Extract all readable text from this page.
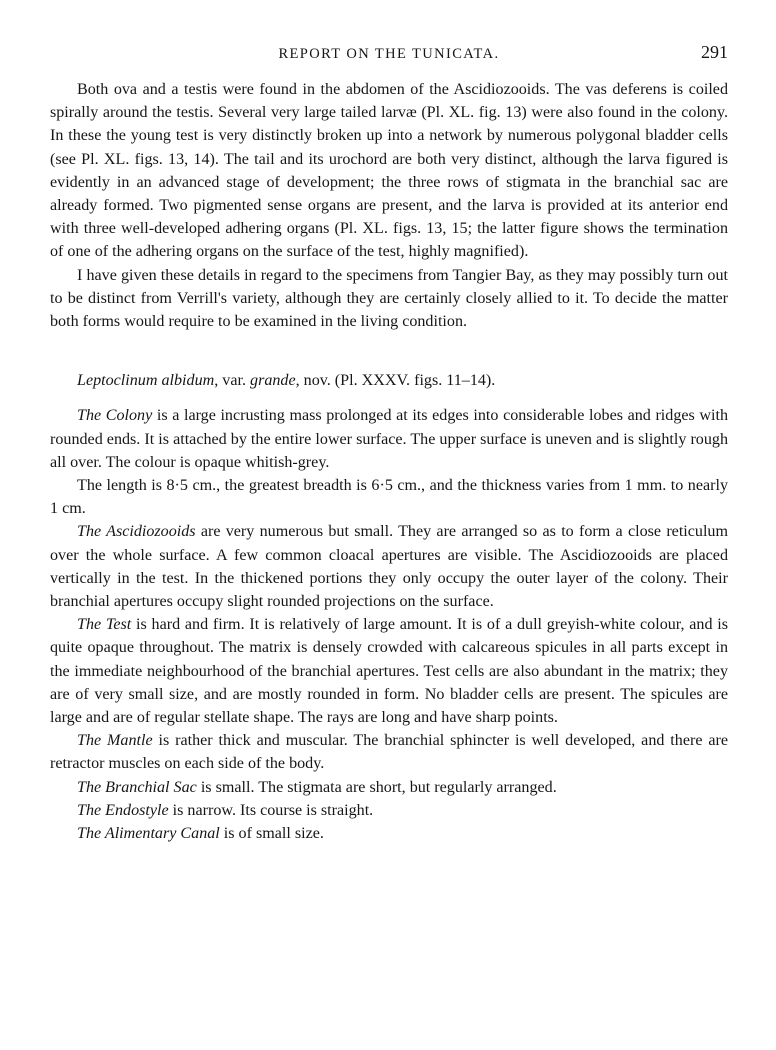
REPORT ON THE TUNICATA.	291

Both ova and a testis were found in the abdomen of the Ascidiozooids. The vas deferens is coiled spirally around the testis. Several very large tailed larvæ (Pl. XL. fig. 13) were also found in the colony. In these the young test is very distinctly broken up into a network by numerous polygonal bladder cells (see Pl. XL. figs. 13, 14). The tail and its urochord are both very distinct, although the larva figured is evidently in an advanced stage of development; the three rows of stigmata in the branchial sac are already formed. Two pigmented sense organs are present, and the larva is provided at its anterior end with three well-developed adhering organs (Pl. XL. figs. 13, 15; the latter figure shows the termination of one of the adhering organs on the surface of the test, highly magnified).

I have given these details in regard to the specimens from Tangier Bay, as they may possibly turn out to be distinct from Verrill's variety, although they are certainly closely allied to it. To decide the matter both forms would require to be examined in the living condition.

Leptoclinum albidum, var. grande, nov. (Pl. XXXV. figs. 11–14).

The Colony is a large incrusting mass prolonged at its edges into considerable lobes and ridges with rounded ends. It is attached by the entire lower surface. The upper surface is uneven and is slightly rough all over. The colour is opaque whitish-grey.

The length is 8·5 cm., the greatest breadth is 6·5 cm., and the thickness varies from 1 mm. to nearly 1 cm.

The Ascidiozooids are very numerous but small. They are arranged so as to form a close reticulum over the whole surface. A few common cloacal apertures are visible. The Ascidiozooids are placed vertically in the test. In the thickened portions they only occupy the outer layer of the colony. Their branchial apertures occupy slight rounded projections on the surface.

The Test is hard and firm. It is relatively of large amount. It is of a dull greyish-white colour, and is quite opaque throughout. The matrix is densely crowded with calcareous spicules in all parts except in the immediate neighbourhood of the branchial apertures. Test cells are also abundant in the matrix; they are of very small size, and are mostly rounded in form. No bladder cells are present. The spicules are large and are of regular stellate shape. The rays are long and have sharp points.

The Mantle is rather thick and muscular. The branchial sphincter is well developed, and there are retractor muscles on each side of the body.

The Branchial Sac is small. The stigmata are short, but regularly arranged.

The Endostyle is narrow. Its course is straight.

The Alimentary Canal is of small size.
